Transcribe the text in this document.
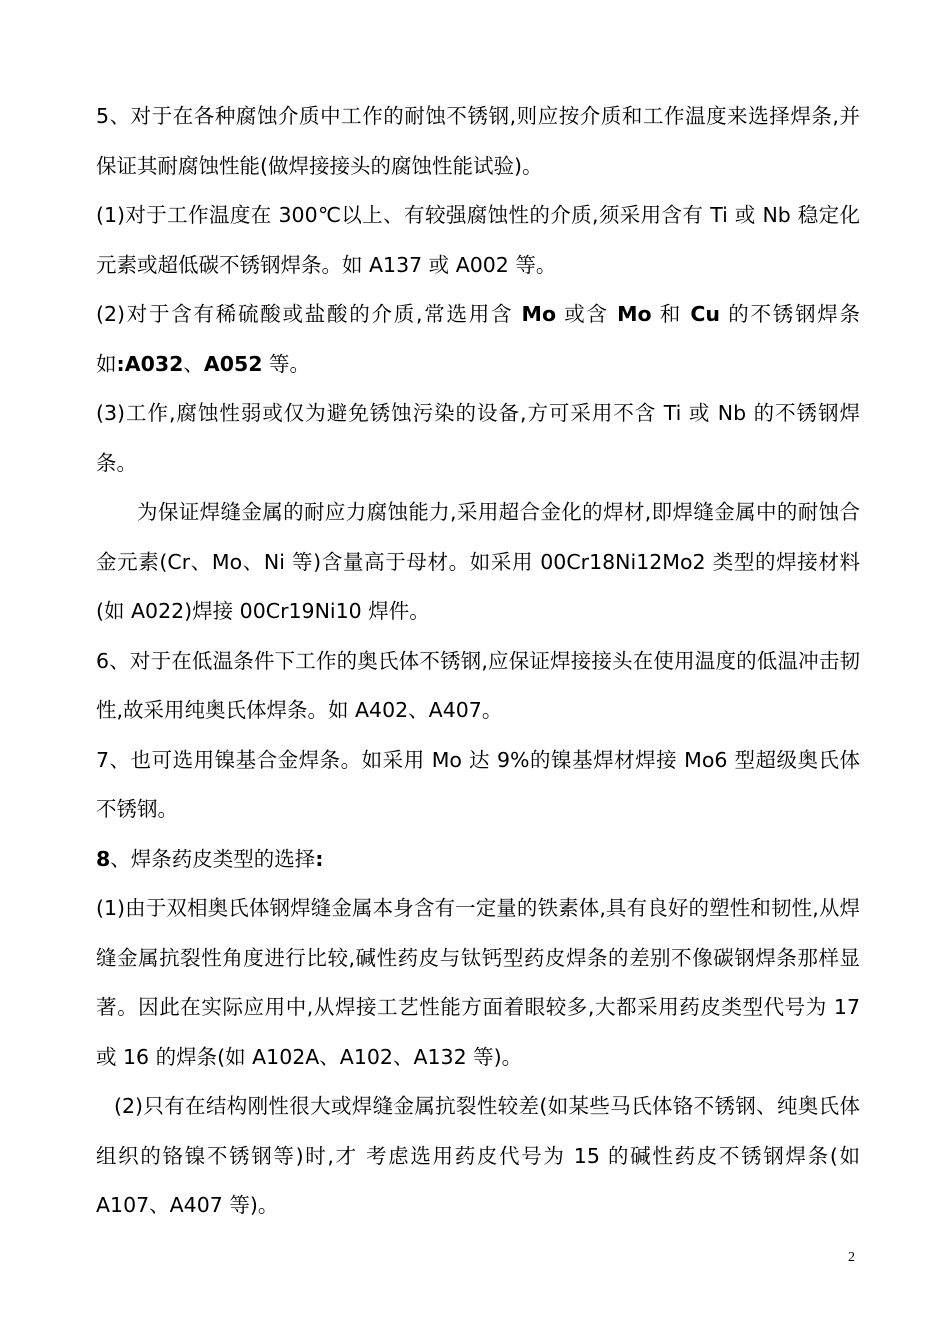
5、对于在各种腐蚀介质中工作的耐蚀不锈钢,则应按介质和工作温度来选择焊条,并保证其耐腐蚀性能(做焊接接头的腐蚀性能试验)。

(1)对于工作温度在 300℃以上、有较强腐蚀性的介质,须采用含有 Ti 或 Nb 稳定化元素或超低碳不锈钢焊条。如 A137 或 A002 等。

(2)对于含有稀硫酸或盐酸的介质,常选用含 Mo 或含 Mo 和 Cu 的不锈钢焊条如:A032、A052 等。

(3)工作,腐蚀性弱或仅为避免锈蚀污染的设备,方可采用不含 Ti 或 Nb 的不锈钢焊条。

为保证焊缝金属的耐应力腐蚀能力,采用超合金化的焊材,即焊缝金属中的耐蚀合金元素(Cr、Mo、Ni 等)含量高于母材。如采用 00Cr18Ni12Mo2 类型的焊接材料(如 A022)焊接 00Cr19Ni10 焊件。

6、对于在低温条件下工作的奥氏体不锈钢,应保证焊接接头在使用温度的低温冲击韧性,故采用纯奥氏体焊条。如 A402、A407。

7、也可选用镍基合金焊条。如采用 Mo 达 9%的镍基焊材焊接 Mo6 型超级奥氏体不锈钢。

8、焊条药皮类型的选择:

(1)由于双相奥氏体钢焊缝金属本身含有一定量的铁素体,具有良好的塑性和韧性,从焊缝金属抗裂性角度进行比较,碱性药皮与钛钙型药皮焊条的差别不像碳钢焊条那样显著。因此在实际应用中,从焊接工艺性能方面着眼较多,大都采用药皮类型代号为 17 或 16 的焊条(如 A102A、A102、A132 等)。

(2)只有在结构刚性很大或焊缝金属抗裂性较差(如某些马氏体铬不锈钢、纯奥氏体组织的铬镍不锈钢等)时,才 考虑选用药皮代号为 15 的碱性药皮不锈钢焊条(如 A107、A407 等)。

2
